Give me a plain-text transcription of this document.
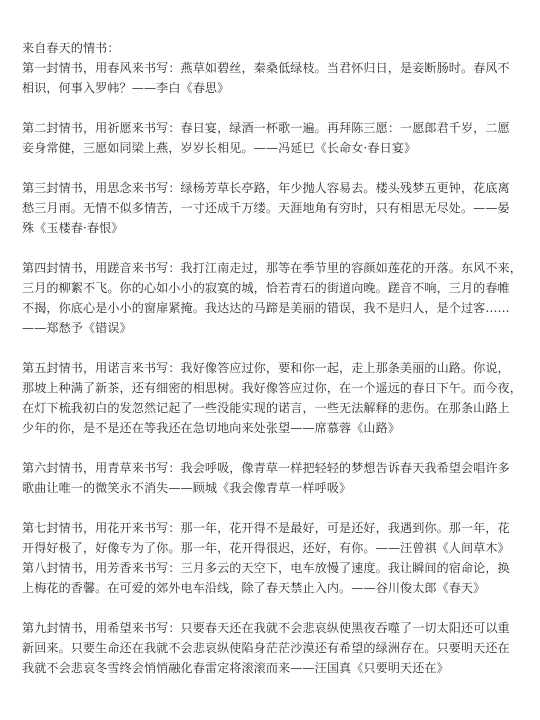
来自春天的情书：

第一封情书，用春风来书写：燕草如碧丝，秦桑低绿枝。当君怀归日，是妾断肠时。春风不
相识，何事入罗帏？——李白《春思》

第二封情书，用祈愿来书写：春日宴，绿酒一杯歌一遍。再拜陈三愿：一愿郎君千岁，二愿
妾身常健，三愿如同梁上燕，岁岁长相见。——冯延巳《长命女·春日宴》

第三封情书，用思念来书写：绿杨芳草长亭路，年少抛人容易去。楼头残梦五更钟，花底离
愁三月雨。无情不似多情苦，一寸还成千万缕。天涯地角有穷时，只有相思无尽处。——晏
殊《玉楼春·春恨》

第四封情书，用蹉音来书写：我打江南走过，那等在季节里的容颜如莲花的开落。东风不来，
三月的柳絮不飞。你的心如小小的寂寞的城，恰若青石的街道向晚。蹉音不响，三月的春帷
不揭，你底心是小小的窗扉紧掩。我达达的马蹄是美丽的错误，我不是归人，是个过客……
——郑愁予《错误》

第五封情书，用诺言来书写：我好像答应过你，要和你一起，走上那条美丽的山路。你说，
那坡上种满了新茶，还有细密的相思树。我好像答应过你，在一个遥远的春日下午。而今夜，
在灯下梳我初白的发忽然记起了一些没能实现的诺言，一些无法解释的悲伤。在那条山路上
少年的你，是不是还在等我还在急切地向来处张望——席慕蓉《山路》

第六封情书，用青草来书写：我会呼吸，像青草一样把轻轻的梦想告诉春天我希望会唱许多
歌曲让唯一的微笑永不消失——顾城《我会像青草一样呼吸》

第七封情书，用花开来书写：那一年，花开得不是最好，可是还好，我遇到你。那一年，花
开得好极了，好像专为了你。那一年，花开得很迟，还好，有你。——汪曾祺《人间草木》
第八封情书，用芳香来书写：三月多云的天空下，电车放慢了速度。我让瞬间的宿命论，换
上梅花的香馨。在可爱的郊外电车沿线，除了春天禁止入内。——谷川俊太郎《春天》

第九封情书，用希望来书写：只要春天还在我就不会悲哀纵使黑夜吞噬了一切太阳还可以重
新回来。只要生命还在我就不会悲哀纵使陷身茫茫沙漠还有希望的绿洲存在。只要明天还在
我就不会悲哀冬雪终会悄悄融化春雷定将滚滚而来——汪国真《只要明天还在》
